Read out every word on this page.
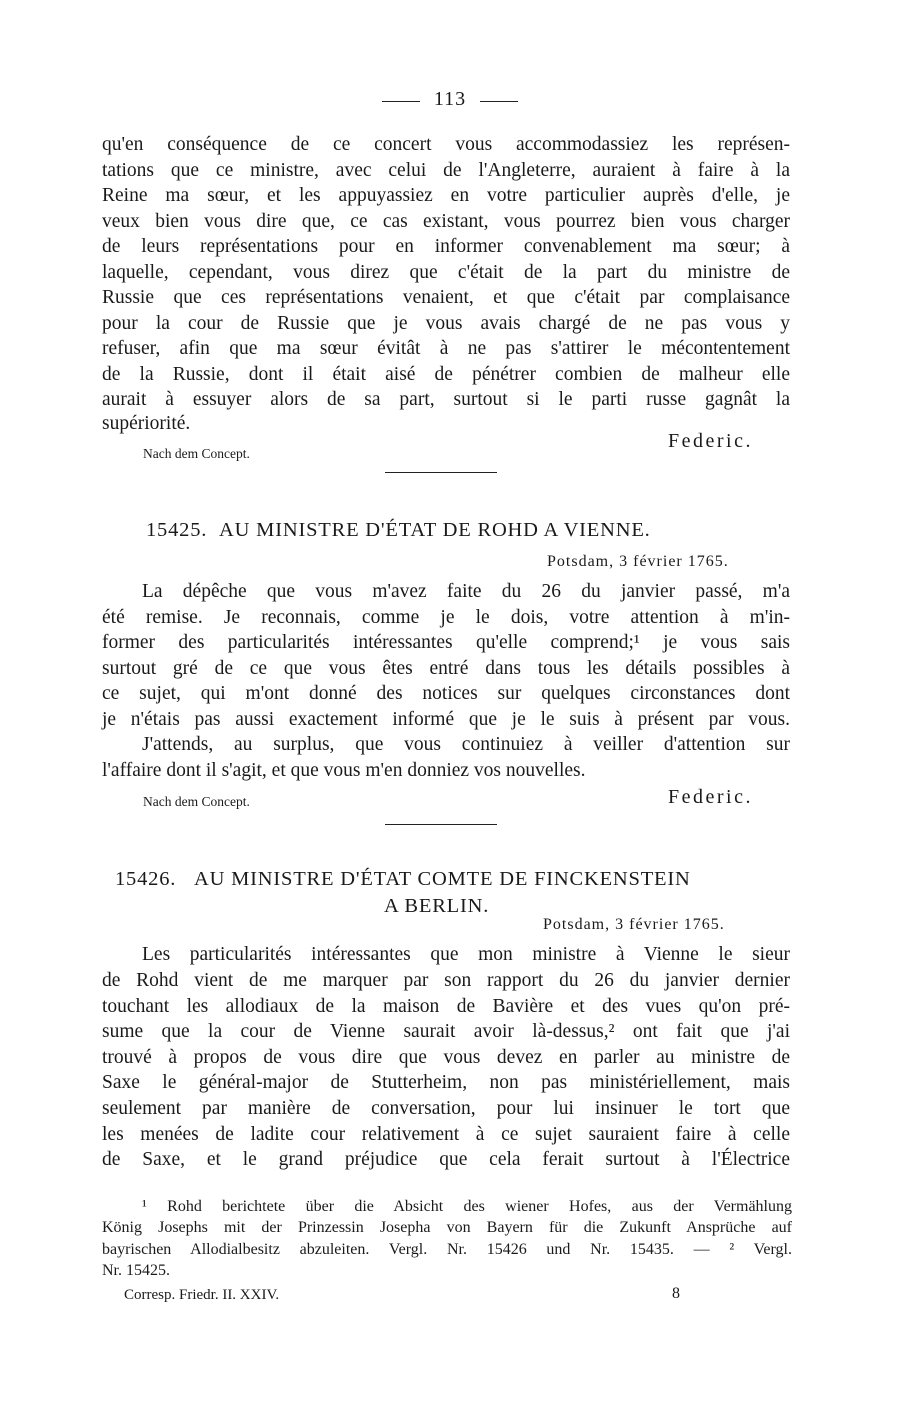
113
qu'en conséquence de ce concert vous accommodassiez les représen-
tations que ce ministre, avec celui de l'Angleterre, auraient à faire à la
Reine ma sœur, et les appuyassiez en votre particulier auprès d'elle, je
veux bien vous dire que, ce cas existant, vous pourrez bien vous charger
de leurs représentations pour en informer convenablement ma sœur; à
laquelle, cependant, vous direz que c'était de la part du ministre de
Russie que ces représentations venaient, et que c'était par complaisance
pour la cour de Russie que je vous avais chargé de ne pas vous y
refuser, afin que ma sœur évitât à ne pas s'attirer le mécontentement
de la Russie, dont il était aisé de pénétrer combien de malheur elle
aurait à essuyer alors de sa part, surtout si le parti russe gagnât la
supériorité.
Federic.
Nach dem Concept.
15425. AU MINISTRE D'ÉTAT DE ROHD A VIENNE.
Potsdam, 3 février 1765.
La dépêche que vous m'avez faite du 26 du janvier passé, m'a
été remise. Je reconnais, comme je le dois, votre attention à m'in-
former des particularités intéressantes qu'elle comprend;¹ je vous sais
surtout gré de ce que vous êtes entré dans tous les détails possibles à
ce sujet, qui m'ont donné des notices sur quelques circonstances dont
je n'étais pas aussi exactement informé que je le suis à présent par vous.
J'attends, au surplus, que vous continuiez à veiller d'attention sur
l'affaire dont il s'agit, et que vous m'en donniez vos nouvelles.
Nach dem Concept.	Federic.
15426. AU MINISTRE D'ÉTAT COMTE DE FINCKENSTEIN
A BERLIN.
Potsdam, 3 février 1765.
Les particularités intéressantes que mon ministre à Vienne le sieur
de Rohd vient de me marquer par son rapport du 26 du janvier dernier
touchant les allodiaux de la maison de Bavière et des vues qu'on pré-
sume que la cour de Vienne saurait avoir là-dessus,² ont fait que j'ai
trouvé à propos de vous dire que vous devez en parler au ministre de
Saxe le général-major de Stutterheim, non pas ministériellement, mais
seulement par manière de conversation, pour lui insinuer le tort que
les menées de ladite cour relativement à ce sujet sauraient faire à celle
de Saxe, et le grand préjudice que cela ferait surtout à l'Électrice
¹ Rohd berichtete über die Absicht des wiener Hofes, aus der Vermählung
König Josephs mit der Prinzessin Josepha von Bayern für die Zukunft Ansprüche auf
bayrischen Allodialbesitz abzuleiten. Vergl. Nr. 15426 und Nr. 15435. — ² Vergl.
Nr. 15425.
Corresp. Friedr. II. XXIV.	8
